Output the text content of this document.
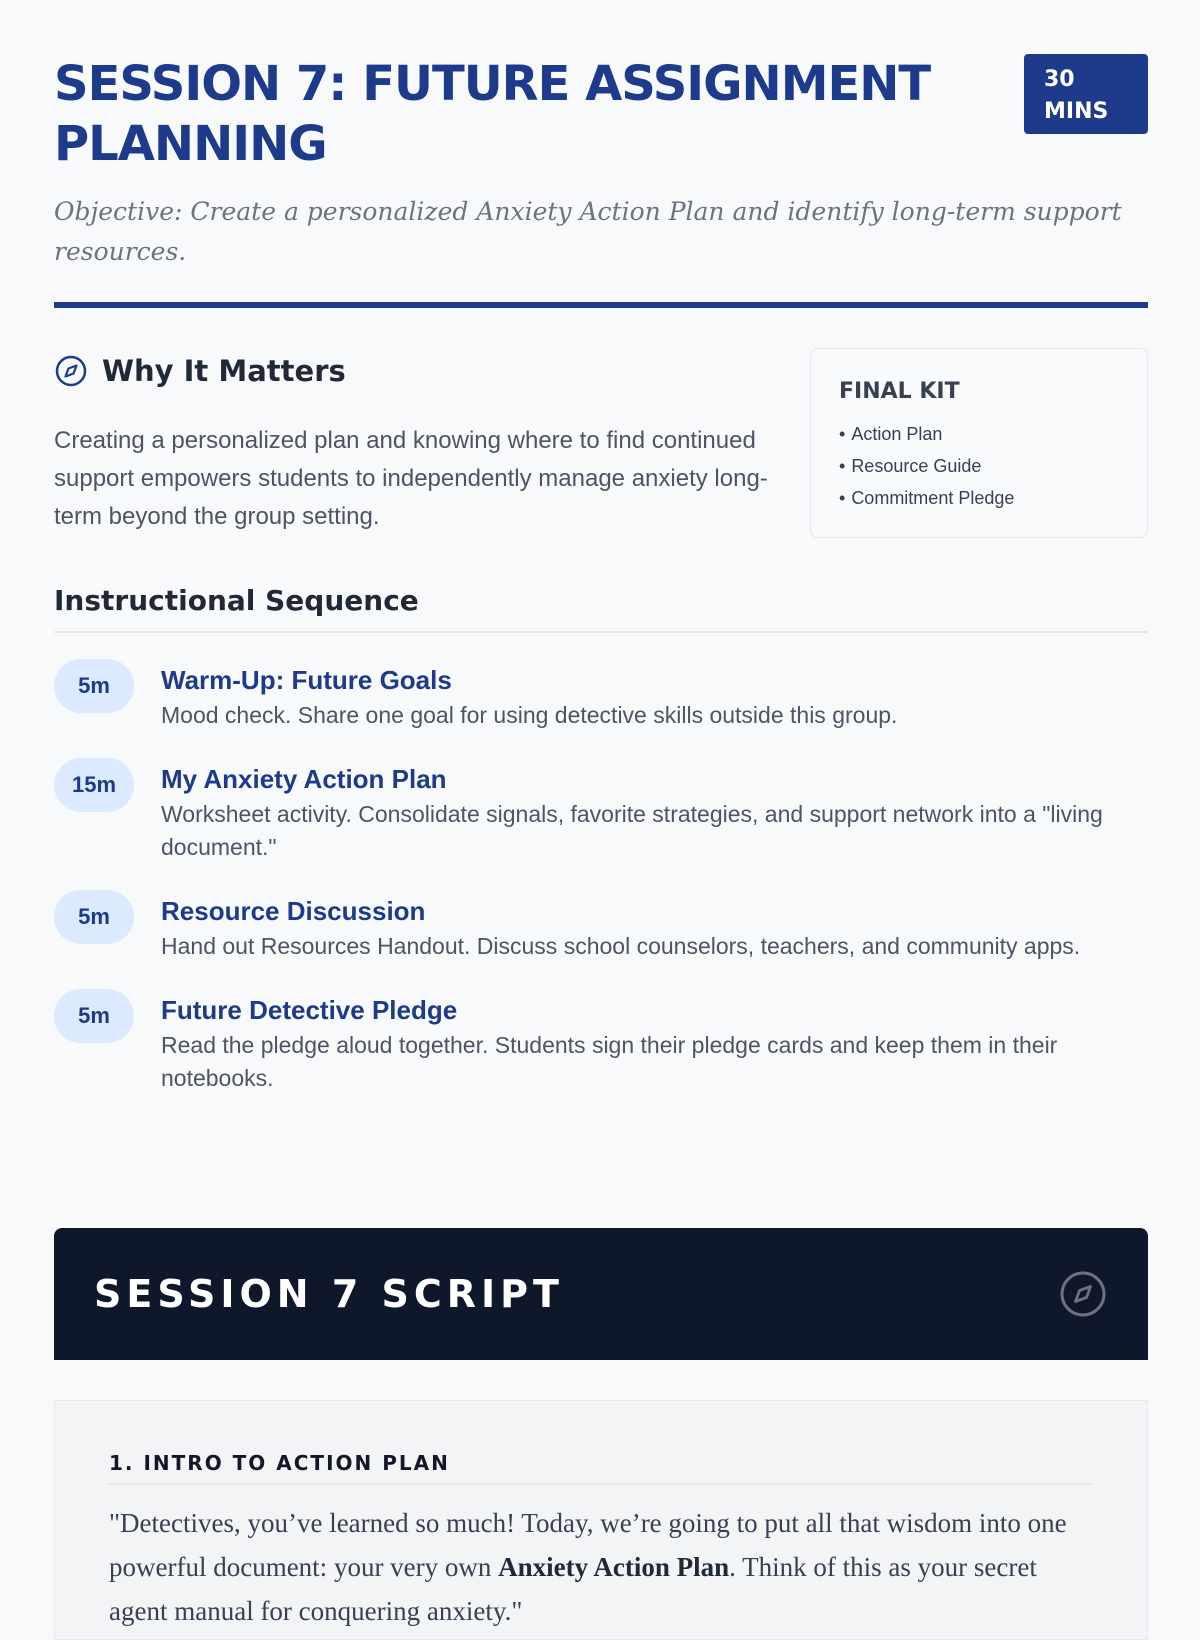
SESSION 7: FUTURE ASSIGNMENT PLANNING
30 MINS

Objective: Create a personalized Anxiety Action Plan and identify long-term support resources.

Why It Matters
Creating a personalized plan and knowing where to find continued support empowers students to independently manage anxiety long-term beyond the group setting.
FINAL KIT
• Action Plan
• Resource Guide
• Commitment Pledge
Instructional Sequence
5m	Warm-Up: Future Goals
Mood check. Share one goal for using detective skills outside this group.
15m	My Anxiety Action Plan
Worksheet activity. Consolidate signals, favorite strategies, and support network into a "living document."
5m	Resource Discussion
Hand out Resources Handout. Discuss school counselors, teachers, and community apps.
5m	Future Detective Pledge
Read the pledge aloud together. Students sign their pledge cards and keep them in their notebooks.
SESSION 7 SCRIPT
1. INTRO TO ACTION PLAN
"Detectives, you’ve learned so much! Today, we’re going to put all that wisdom into one powerful document: your very own Anxiety Action Plan. Think of this as your secret agent manual for conquering anxiety."
